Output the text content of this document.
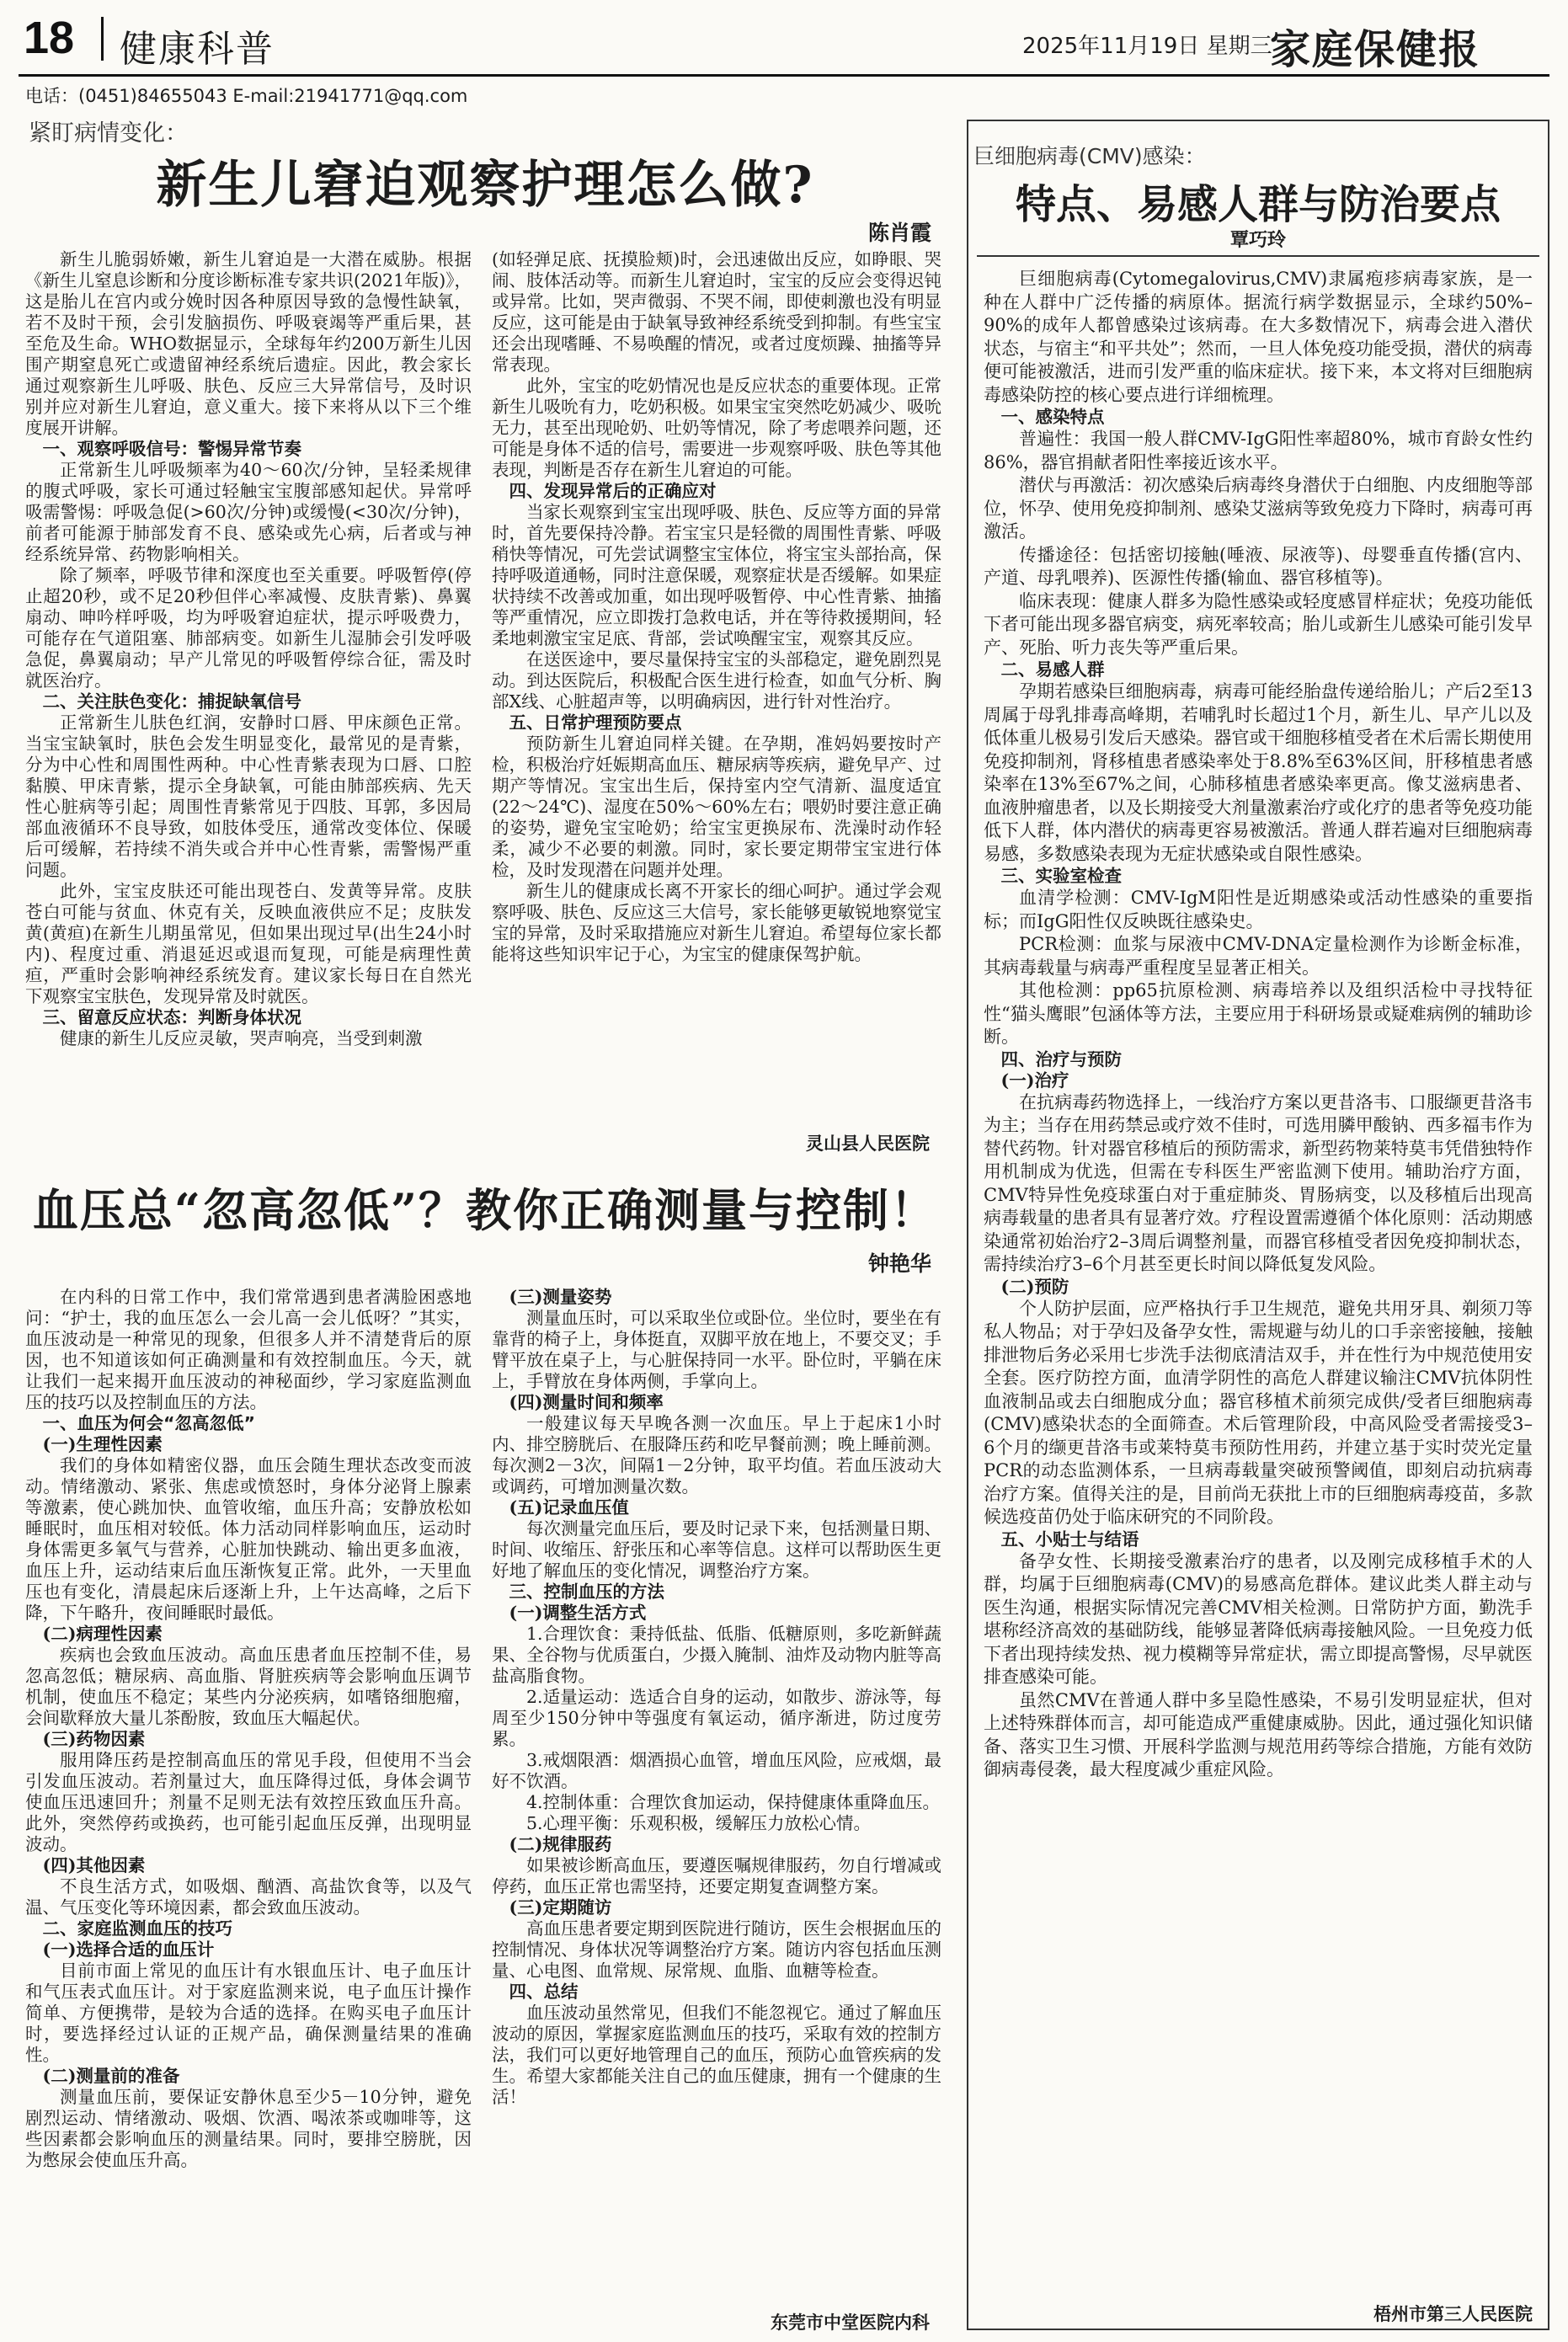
18 健康科普	2025年11月19日 星期三
家庭保健报
电话：(0451)84655043 E-mail:21941771@qq.com
紧盯病情变化：
新生儿窘迫观察护理怎么做?
陈肖霞

新生儿脆弱娇嫩，新生儿窘迫是一大潜在威胁。根据《新生儿窒息诊断和分度诊断标准专家共识(2021年版)》，这是胎儿在宫内或分娩时因各种原因导致的急慢性缺氧，若不及时干预，会引发脑损伤、呼吸衰竭等严重后果，甚至危及生命。WHO数据显示，全球每年约200万新生儿因围产期窒息死亡或遗留神经系统后遗症。因此，教会家长通过观察新生儿呼吸、肤色、反应三大异常信号，及时识别并应对新生儿窘迫，意义重大。接下来将从以下三个维度展开讲解。

一、观察呼吸信号：警惕异常节奏

正常新生儿呼吸频率为40～60次/分钟，呈轻柔规律的腹式呼吸，家长可通过轻触宝宝腹部感知起伏。异常呼吸需警惕：呼吸急促(>60次/分钟)或缓慢(<30次/分钟)，前者可能源于肺部发育不良、感染或先心病，后者或与神经系统异常、药物影响相关。

除了频率，呼吸节律和深度也至关重要。呼吸暂停(停止超20秒，或不足20秒但伴心率减慢、皮肤青紫)、鼻翼扇动、呻吟样呼吸，均为呼吸窘迫症状，提示呼吸费力，可能存在气道阻塞、肺部病变。如新生儿湿肺会引发呼吸急促，鼻翼扇动；早产儿常见的呼吸暂停综合征，需及时就医治疗。

二、关注肤色变化：捕捉缺氧信号

正常新生儿肤色红润，安静时口唇、甲床颜色正常。当宝宝缺氧时，肤色会发生明显变化，最常见的是青紫，分为中心性和周围性两种。中心性青紫表现为口唇、口腔黏膜、甲床青紫，提示全身缺氧，可能由肺部疾病、先天性心脏病等引起；周围性青紫常见于四肢、耳郭，多因局部血液循环不良导致，如肢体受压，通常改变体位、保暖后可缓解，若持续不消失或合并中心性青紫，需警惕严重问题。

此外，宝宝皮肤还可能出现苍白、发黄等异常。皮肤苍白可能与贫血、休克有关，反映血液供应不足；皮肤发黄(黄疸)在新生儿期虽常见，但如果出现过早(出生24小时内)、程度过重、消退延迟或退而复现，可能是病理性黄疸，严重时会影响神经系统发育。建议家长每日在自然光下观察宝宝肤色，发现异常及时就医。

三、留意反应状态：判断身体状况

健康的新生儿反应灵敏，哭声响亮，当受到刺激

(如轻弹足底、抚摸脸颊)时，会迅速做出反应，如睁眼、哭闹、肢体活动等。而新生儿窘迫时，宝宝的反应会变得迟钝或异常。比如，哭声微弱、不哭不闹，即使刺激也没有明显反应，这可能是由于缺氧导致神经系统受到抑制。有些宝宝还会出现嗜睡、不易唤醒的情况，或者过度烦躁、抽搐等异常表现。

此外，宝宝的吃奶情况也是反应状态的重要体现。正常新生儿吸吮有力，吃奶积极。如果宝宝突然吃奶减少、吸吮无力，甚至出现呛奶、吐奶等情况，除了考虑喂养问题，还可能是身体不适的信号，需要进一步观察呼吸、肤色等其他表现，判断是否存在新生儿窘迫的可能。

四、发现异常后的正确应对

当家长观察到宝宝出现呼吸、肤色、反应等方面的异常时，首先要保持冷静。若宝宝只是轻微的周围性青紫、呼吸稍快等情况，可先尝试调整宝宝体位，将宝宝头部抬高，保持呼吸道通畅，同时注意保暖，观察症状是否缓解。如果症状持续不改善或加重，如出现呼吸暂停、中心性青紫、抽搐等严重情况，应立即拨打急救电话，并在等待救援期间，轻柔地刺激宝宝足底、背部，尝试唤醒宝宝，观察其反应。

在送医途中，要尽量保持宝宝的头部稳定，避免剧烈晃动。到达医院后，积极配合医生进行检查，如血气分析、胸部X线、心脏超声等，以明确病因，进行针对性治疗。

五、日常护理预防要点

预防新生儿窘迫同样关键。在孕期，准妈妈要按时产检，积极治疗妊娠期高血压、糖尿病等疾病，避免早产、过期产等情况。宝宝出生后，保持室内空气清新、温度适宜(22～24℃)、湿度在50%～60%左右；喂奶时要注意正确的姿势，避免宝宝呛奶；给宝宝更换尿布、洗澡时动作轻柔，减少不必要的刺激。同时，家长要定期带宝宝进行体检，及时发现潜在问题并处理。

新生儿的健康成长离不开家长的细心呵护。通过学会观察呼吸、肤色、反应这三大信号，家长能够更敏锐地察觉宝宝的异常，及时采取措施应对新生儿窘迫。希望每位家长都能将这些知识牢记于心，为宝宝的健康保驾护航。

灵山县人民医院
血压总“忽高忽低”？教你正确测量与控制！
钟艳华

在内科的日常工作中，我们常常遇到患者满脸困惑地问：“护士，我的血压怎么一会儿高一会儿低呀？”其实，血压波动是一种常见的现象，但很多人并不清楚背后的原因，也不知道该如何正确测量和有效控制血压。今天，就让我们一起来揭开血压波动的神秘面纱，学习家庭监测血压的技巧以及控制血压的方法。

一、血压为何会“忽高忽低”
(一)生理性因素

我们的身体如精密仪器，血压会随生理状态改变而波动。情绪激动、紧张、焦虑或愤怒时，身体分泌肾上腺素等激素，使心跳加快、血管收缩，血压升高；安静放松如睡眠时，血压相对较低。体力活动同样影响血压，运动时身体需更多氧气与营养，心脏加快跳动、输出更多血液，血压上升，运动结束后血压渐恢复正常。此外，一天里血压也有变化，清晨起床后逐渐上升，上午达高峰，之后下降，下午略升，夜间睡眠时最低。

(二)病理性因素

疾病也会致血压波动。高血压患者血压控制不佳，易忽高忽低；糖尿病、高血脂、肾脏疾病等会影响血压调节机制，使血压不稳定；某些内分泌疾病，如嗜铬细胞瘤，会间歇释放大量儿茶酚胺，致血压大幅起伏。

(三)药物因素

服用降压药是控制高血压的常见手段，但使用不当会引发血压波动。若剂量过大，血压降得过低，身体会调节使血压迅速回升；剂量不足则无法有效控压致血压升高。此外，突然停药或换药，也可能引起血压反弹，出现明显波动。

(四)其他因素

不良生活方式，如吸烟、酗酒、高盐饮食等，以及气温、气压变化等环境因素，都会致血压波动。

二、家庭监测血压的技巧
(一)选择合适的血压计

目前市面上常见的血压计有水银血压计、电子血压计和气压表式血压计。对于家庭监测来说，电子血压计操作简单、方便携带，是较为合适的选择。在购买电子血压计时，要选择经过认证的正规产品，确保测量结果的准确性。

(二)测量前的准备

测量血压前，要保证安静休息至少5－10分钟，避免剧烈运动、情绪激动、吸烟、饮酒、喝浓茶或咖啡等，这些因素都会影响血压的测量结果。同时，要排空膀胱，因为憋尿会使血压升高。

(三)测量姿势

测量血压时，可以采取坐位或卧位。坐位时，要坐在有靠背的椅子上，身体挺直，双脚平放在地上，不要交叉；手臂平放在桌子上，与心脏保持同一水平。卧位时，平躺在床上，手臂放在身体两侧，手掌向上。

(四)测量时间和频率

一般建议每天早晚各测一次血压。早上于起床1小时内、排空膀胱后、在服降压药和吃早餐前测；晚上睡前测。每次测2－3次，间隔1－2分钟，取平均值。若血压波动大或调药，可增加测量次数。

(五)记录血压值

每次测量完血压后，要及时记录下来，包括测量日期、时间、收缩压、舒张压和心率等信息。这样可以帮助医生更好地了解血压的变化情况，调整治疗方案。

三、控制血压的方法
(一)调整生活方式

1.合理饮食：秉持低盐、低脂、低糖原则，多吃新鲜蔬果、全谷物与优质蛋白，少摄入腌制、油炸及动物内脏等高盐高脂食物。

2.适量运动：选适合自身的运动，如散步、游泳等，每周至少150分钟中等强度有氧运动，循序渐进，防过度劳累。

3.戒烟限酒：烟酒损心血管，增血压风险，应戒烟，最好不饮酒。

4.控制体重：合理饮食加运动，保持健康体重降血压。

5.心理平衡：乐观积极，缓解压力放松心情。

(二)规律服药

如果被诊断高血压，要遵医嘱规律服药，勿自行增减或停药，血压正常也需坚持，还要定期复查调整方案。

(三)定期随访

高血压患者要定期到医院进行随访，医生会根据血压的控制情况、身体状况等调整治疗方案。随访内容包括血压测量、心电图、血常规、尿常规、血脂、血糖等检查。

四、总结

血压波动虽然常见，但我们不能忽视它。通过了解血压波动的原因，掌握家庭监测血压的技巧，采取有效的控制方法，我们可以更好地管理自己的血压，预防心血管疾病的发生。希望大家都能关注自己的血压健康，拥有一个健康的生活！

东莞市中堂医院内科
巨细胞病毒(CMV)感染：
特点、易感人群与防治要点
覃巧玲

巨细胞病毒(Cytomegalovirus,CMV)隶属疱疹病毒家族，是一种在人群中广泛传播的病原体。据流行病学数据显示，全球约50%–90%的成年人都曾感染过该病毒。在大多数情况下，病毒会进入潜伏状态，与宿主“和平共处”；然而，一旦人体免疫功能受损，潜伏的病毒便可能被激活，进而引发严重的临床症状。接下来，本文将对巨细胞病毒感染防控的核心要点进行详细梳理。

一、感染特点

普遍性：我国一般人群CMV-IgG阳性率超80%，城市育龄女性约86%，器官捐献者阳性率接近该水平。

潜伏与再激活：初次感染后病毒终身潜伏于白细胞、内皮细胞等部位，怀孕、使用免疫抑制剂、感染艾滋病等致免疫力下降时，病毒可再激活。

传播途径：包括密切接触(唾液、尿液等)、母婴垂直传播(宫内、产道、母乳喂养)、医源性传播(输血、器官移植等)。

临床表现：健康人群多为隐性感染或轻度感冒样症状；免疫功能低下者可能出现多器官病变，病死率较高；胎儿或新生儿感染可能引发早产、死胎、听力丧失等严重后果。

二、易感人群

孕期若感染巨细胞病毒，病毒可能经胎盘传递给胎儿；产后2至13周属于母乳排毒高峰期，若哺乳时长超过1个月，新生儿、早产儿以及低体重儿极易引发后天感染。器官或干细胞移植受者在术后需长期使用免疫抑制剂，肾移植患者感染率处于8.8%至63%区间，肝移植患者感染率在13%至67%之间，心肺移植患者感染率更高。像艾滋病患者、血液肿瘤患者，以及长期接受大剂量激素治疗或化疗的患者等免疫功能低下人群，体内潜伏的病毒更容易被激活。普通人群若遍对巨细胞病毒易感，多数感染表现为无症状感染或自限性感染。

三、实验室检查

血清学检测：CMV-IgM阳性是近期感染或活动性感染的重要指标；而IgG阳性仅反映既往感染史。

PCR检测：血浆与尿液中CMV-DNA定量检测作为诊断金标准，其病毒载量与病毒严重程度呈显著正相关。

其他检测：pp65抗原检测、病毒培养以及组织活检中寻找特征性“猫头鹰眼”包涵体等方法，主要应用于科研场景或疑难病例的辅助诊断。

四、治疗与预防
(一)治疗

在抗病毒药物选择上，一线治疗方案以更昔洛韦、口服缬更昔洛韦为主；当存在用药禁忌或疗效不佳时，可选用膦甲酸钠、西多福韦作为替代药物。针对器官移植后的预防需求，新型药物莱特莫韦凭借独特作用机制成为优选，但需在专科医生严密监测下使用。辅助治疗方面，CMV特异性免疫球蛋白对于重症肺炎、胃肠病变，以及移植后出现高病毒载量的患者具有显著疗效。疗程设置需遵循个体化原则：活动期感染通常初始治疗2–3周后调整剂量，而器官移植受者因免疫抑制状态，需持续治疗3–6个月甚至更长时间以降低复发风险。

(二)预防

个人防护层面，应严格执行手卫生规范，避免共用牙具、剃须刀等私人物品；对于孕妇及备孕女性，需规避与幼儿的口手亲密接触，接触排泄物后务必采用七步洗手法彻底清洁双手，并在性行为中规范使用安全套。医疗防控方面，血清学阴性的高危人群建议输注CMV抗体阴性血液制品或去白细胞成分血；器官移植术前须完成供/受者巨细胞病毒(CMV)感染状态的全面筛查。术后管理阶段，中高风险受者需接受3–6个月的缬更昔洛韦或莱特莫韦预防性用药，并建立基于实时荧光定量PCR的动态监测体系，一旦病毒载量突破预警阈值，即刻启动抗病毒治疗方案。值得关注的是，目前尚无获批上市的巨细胞病毒疫苗，多款候选疫苗仍处于临床研究的不同阶段。

五、小贴士与结语

备孕女性、长期接受激素治疗的患者，以及刚完成移植手术的人群，均属于巨细胞病毒(CMV)的易感高危群体。建议此类人群主动与医生沟通，根据实际情况完善CMV相关检测。日常防护方面，勤洗手堪称经济高效的基础防线，能够显著降低病毒接触风险。一旦免疫力低下者出现持续发热、视力模糊等异常症状，需立即提高警惕，尽早就医排查感染可能。

虽然CMV在普通人群中多呈隐性感染，不易引发明显症状，但对上述特殊群体而言，却可能造成严重健康威胁。因此，通过强化知识储备、落实卫生习惯、开展科学监测与规范用药等综合措施，方能有效防御病毒侵袭，最大程度减少重症风险。

梧州市第三人民医院
